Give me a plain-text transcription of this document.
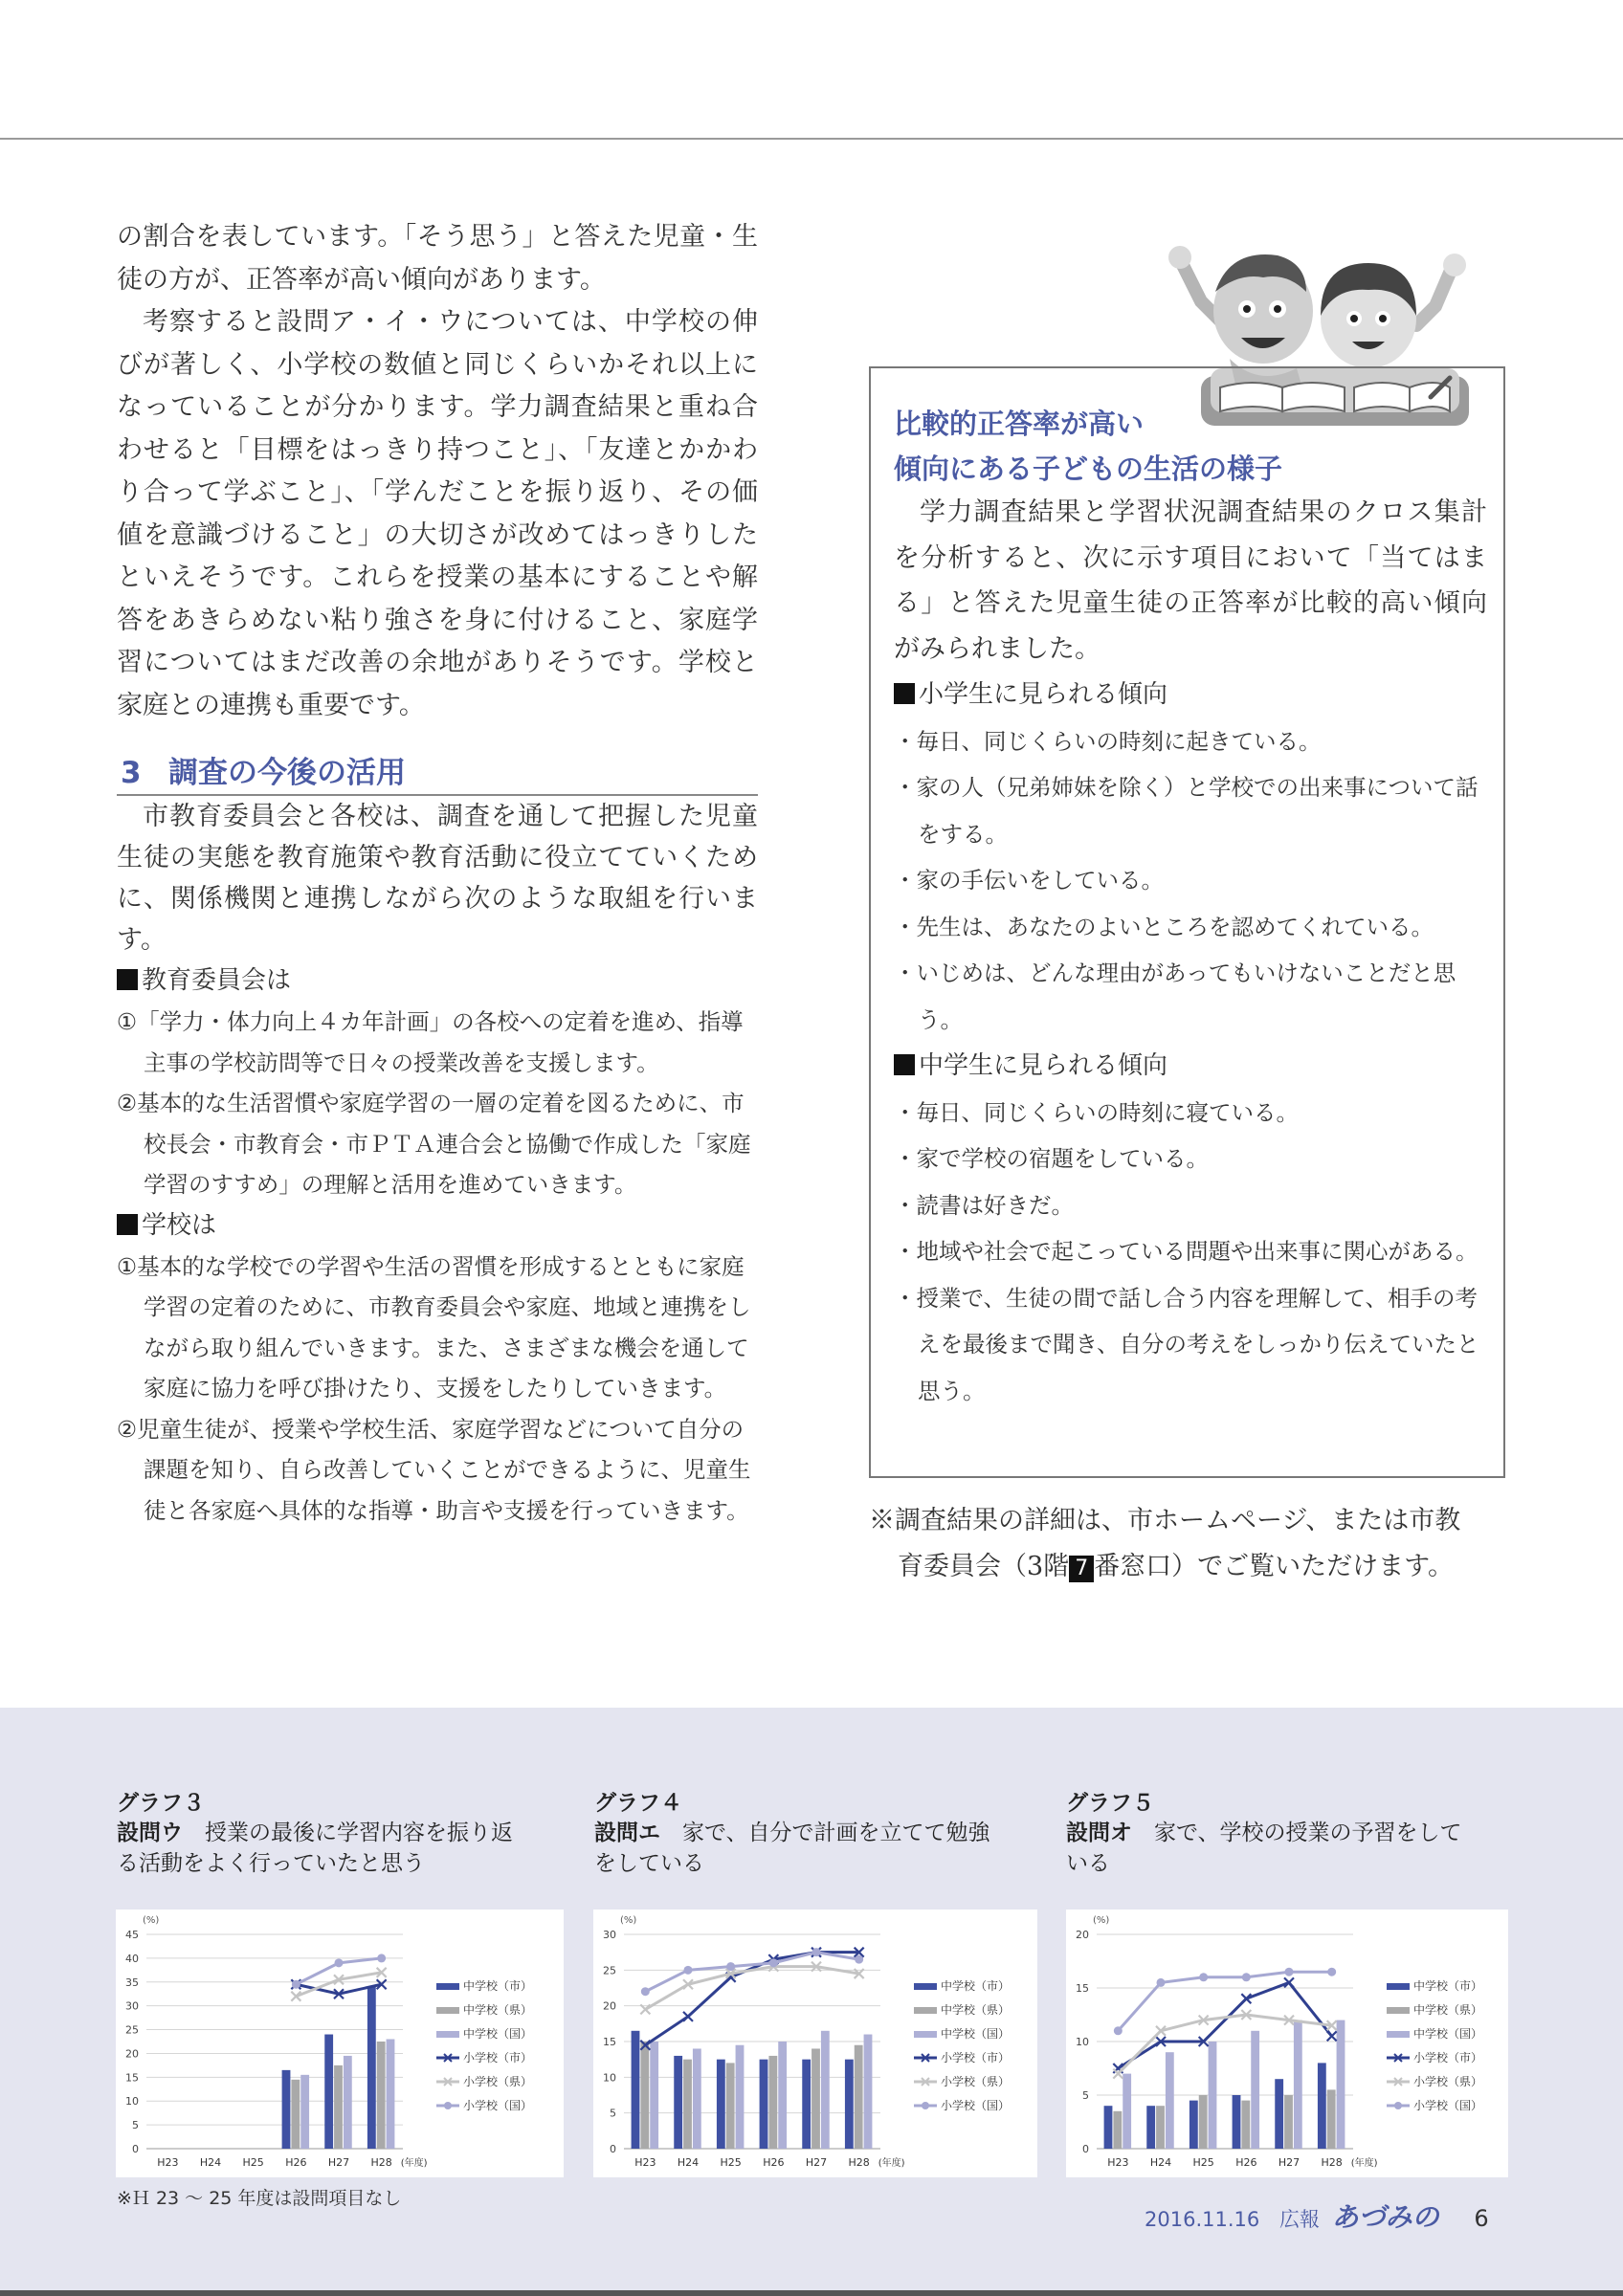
の割合を表しています。「そう思う」と答えた児童・生徒の方が、正答率が高い傾向があります。

考察すると設問ア・イ・ウについては、中学校の伸びが著しく、小学校の数値と同じくらいかそれ以上になっていることが分かります。学力調査結果と重ね合わせると「目標をはっきり持つこと」、「友達とかかわり合って学ぶこと」、「学んだことを振り返り、その価値を意識づけること」の大切さが改めてはっきりしたといえそうです。これらを授業の基本にすることや解答をあきらめない粘り強さを身に付けること、家庭学習についてはまだ改善の余地がありそうです。学校と家庭との連携も重要です。

3 調査の今後の活用

市教育委員会と各校は、調査を通して把握した児童生徒の実態を教育施策や教育活動に役立てていくために、関係機関と連携しながら次のような取組を行います。

教育委員会は

①「学力・体力向上４カ年計画」の各校への定着を進め、指導主事の学校訪問等で日々の授業改善を支援します。

②基本的な生活習慣や家庭学習の一層の定着を図るために、市校長会・市教育会・市ＰＴＡ連合会と協働で作成した「家庭学習のすすめ」の理解と活用を進めていきます。

学校は

①基本的な学校での学習や生活の習慣を形成するとともに家庭学習の定着のために、市教育委員会や家庭、地域と連携をしながら取り組んでいきます。また、さまざまな機会を通して家庭に協力を呼び掛けたり、支援をしたりしていきます。

②児童生徒が、授業や学校生活、家庭学習などについて自分の課題を知り、自ら改善していくことができるように、児童生徒と各家庭へ具体的な指導・助言や支援を行っていきます。

比較的正答率が高い
傾向にある子どもの生活の様子

学力調査結果と学習状況調査結果のクロス集計を分析すると、次に示す項目において「当てはまる」と答えた児童生徒の正答率が比較的高い傾向がみられました。

小学生に見られる傾向

・毎日、同じくらいの時刻に起きている。

・家の人（兄弟姉妹を除く）と学校での出来事について話をする。

・家の手伝いをしている。

・先生は、あなたのよいところを認めてくれている。

・いじめは、どんな理由があってもいけないことだと思う。

中学生に見られる傾向

・毎日、同じくらいの時刻に寝ている。

・家で学校の宿題をしている。

・読書は好きだ。

・地域や社会で起こっている問題や出来事に関心がある。

・授業で、生徒の間で話し合う内容を理解して、相手の考えを最後まで聞き、自分の考えをしっかり伝えていたと思う。

※調査結果の詳細は、市ホームページ、または市教
育委員会（3階 7 番窓口）でご覧いただけます。
グラフ３
設問ウ　授業の最後に学習内容を振り返
る活動をよく行っていたと思う
グラフ４
設問エ　家で、自分で計画を立てて勉強
をしている
グラフ５
設問オ　家で、学校の授業の予習をして
いる
(%)
0
5
10
15
20
25
30
35
40
45
H23 H24 H25 H26 H27 H28 (年度)
中学校（市）
中学校（県）
中学校（国）
小学校（市）
小学校（県）
小学校（国）
(%)
0
5
10
15
20
25
30
H23 H24 H25 H26 H27 H28 (年度)
中学校（市）
中学校（県）
中学校（国）
小学校（市）
小学校（県）
小学校（国）
(%)
0
5
10
15
20
H23 H24 H25 H26 H27 H28 (年度)
中学校（市）
中学校（県）
中学校（国）
小学校（市）
小学校（県）
小学校（国）
※Ｈ 23 ～ 25 年度は設問項目なし
2016.11.16 広報 あづみの 6
